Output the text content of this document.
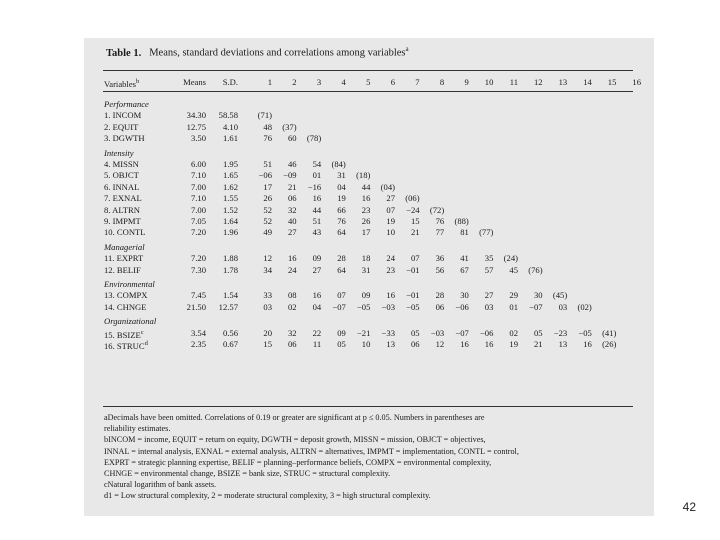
Table 1. Means, standard deviations and correlations among variables$^a$
Variables$^b$	Means	S.D.	1	2	3	4	5	6	7	8	9	10	11	12	13	14	15	16
Performance
1. INCOM	34.30	58.58	(71)
2. EQUIT	12.75	4.10	48	(37)
3. DGWTH	3.50	1.61	76	60	(78)
Intensity
4. MISSN	6.00	1.95	51	46	54	(84)
5. OBJCT	7.10	1.65	−06	−09	01	31	(18)
6. INNAL	7.00	1.62	17	21	−16	04	44	(04)
7. EXNAL	7.10	1.55	26	06	16	19	16	27	(06)
8. ALTRN	7.00	1.52	52	32	44	66	23	07	−24	(72)
9. IMPMT	7.05	1.64	52	40	51	76	26	19	15	76	(88)
10. CONTL	7.20	1.96	49	27	43	64	17	10	21	77	81	(77)
Managerial
11. EXPRT	7.20	1.88	12	16	09	28	18	24	07	36	41	35	(24)
12. BELIF	7.30	1.78	34	24	27	64	31	23	−01	56	67	57	45	(76)
Environmental
13. COMPX	7.45	1.54	33	08	16	07	09	16	−01	28	30	27	29	30	(45)
14. CHNGE	21.50	12.57	03	02	04	−07	−05	−03	−05	06	−06	03	01	−07	03	(02)
Organizational
15. BSIZE$^c$	3.54	0.56	20	32	22	09	−21	−33	05	−03	−07	−06	02	05	−23	−05	(41)
16. STRUC$^d$	2.35	0.67	15	06	11	05	10	13	06	12	16	16	19	21	13	16	(26)
aDecimals have been omitted. Correlations of 0.19 or greater are significant at p ≤ 0.05. Numbers in parentheses are
reliability estimates.
bINCOM = income, EQUIT = return on equity, DGWTH = deposit growth, MISSN = mission, OBJCT = objectives,
INNAL = internal analysis, EXNAL = external analysis, ALTRN = alternatives, IMPMT = implementation, CONTL = control,
EXPRT = strategic planning expertise, BELIF = planning–performance beliefs, COMPX = environmental complexity,
CHNGE = environmental change, BSIZE = bank size, STRUC = structural complexity.
cNatural logarithm of bank assets.
d1 = Low structural complexity, 2 = moderate structural complexity, 3 = high structural complexity.
42
